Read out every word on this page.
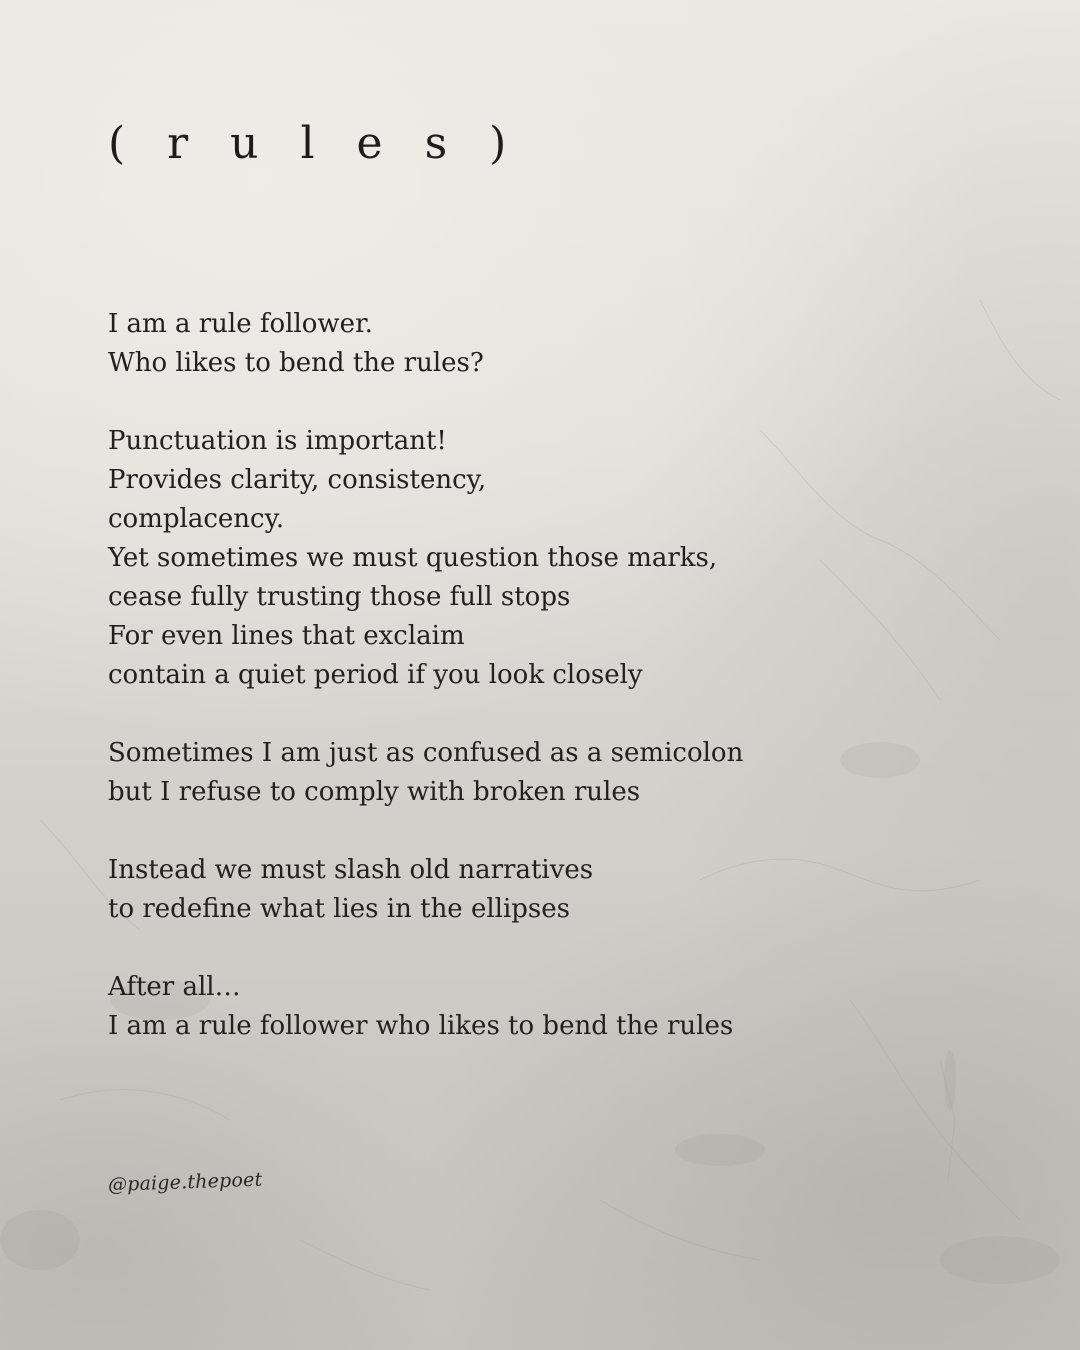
( r u l e s )

I am a rule follower.
Who likes to bend the rules?

Punctuation is important!
Provides clarity, consistency,
complacency.
Yet sometimes we must question those marks,
cease fully trusting those full stops
For even lines that exclaim
contain a quiet period if you look closely

Sometimes I am just as confused as a semicolon
but I refuse to comply with broken rules

Instead we must slash old narratives
to redefine what lies in the ellipses

After all…
I am a rule follower who likes to bend the rules

@paige.thepoet
